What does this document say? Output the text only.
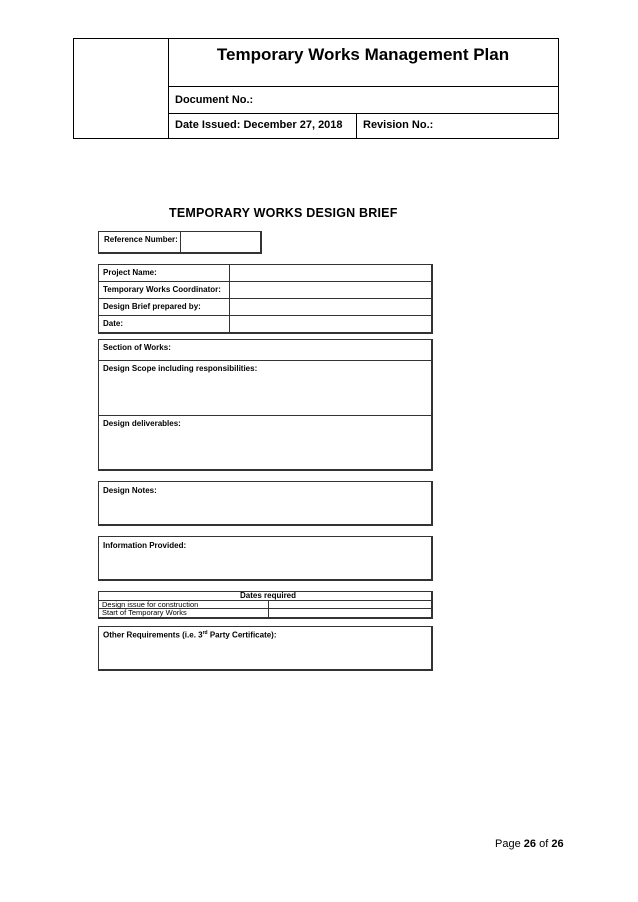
Temporary Works Management Plan
Document No.:
Date Issued: December 27, 2018	Revision No.:
TEMPORARY WORKS DESIGN BRIEF
Reference Number:
Project Name:
Temporary Works Coordinator:
Design Brief prepared by:
Date:
Section of Works:
Design Scope including responsibilities:
Design deliverables:
Design Notes:
Information Provided:
Dates required
Design issue for construction
Start of Temporary Works
Other Requirements (i.e. 3rd Party Certificate):
Page 26 of 26
